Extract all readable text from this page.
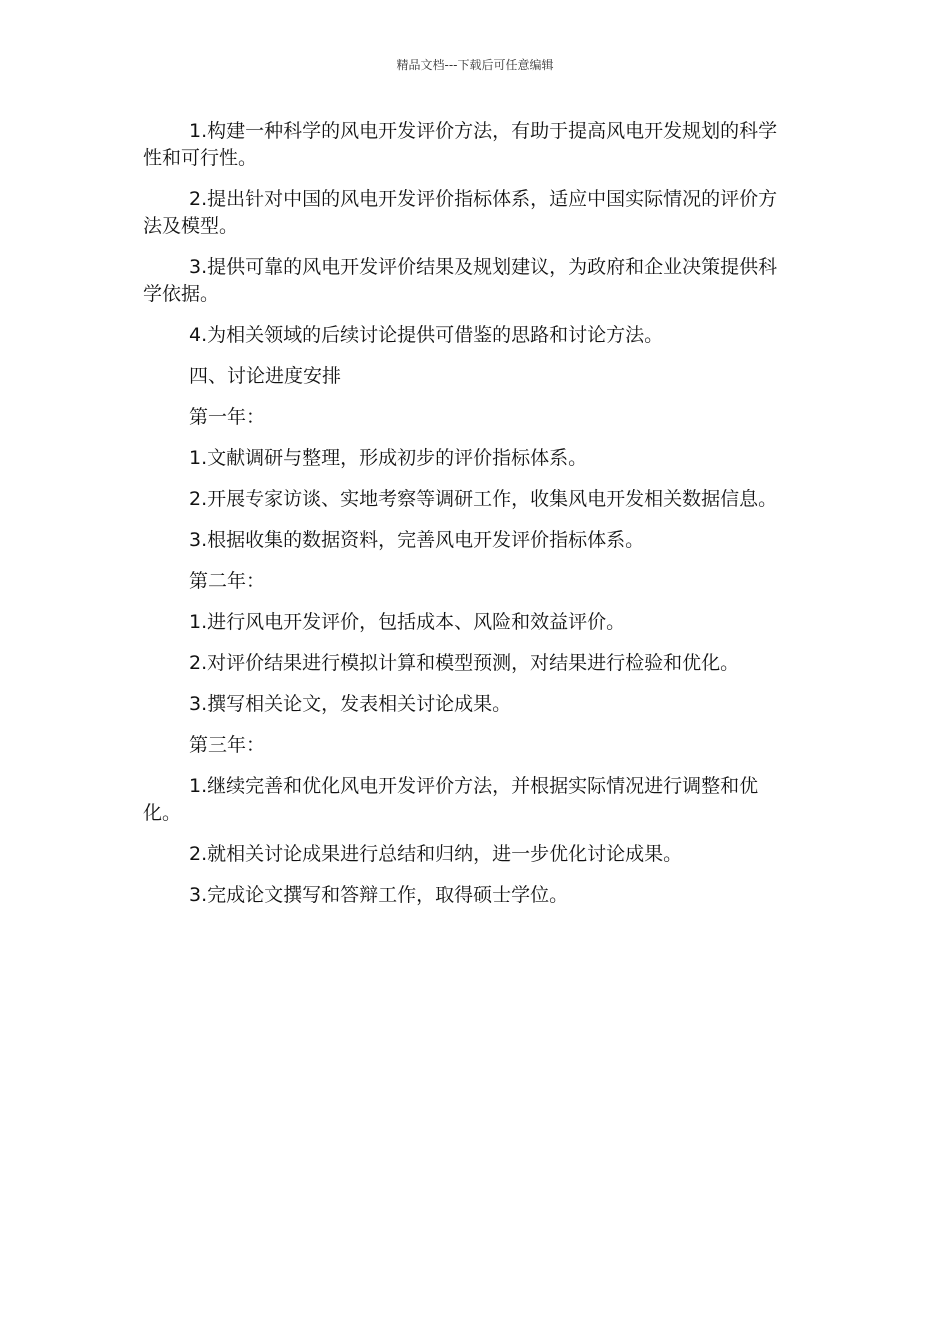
精品文档---下载后可任意编辑

1.构建一种科学的风电开发评价方法，有助于提高风电开发规划的科学性和可行性。

2.提出针对中国的风电开发评价指标体系，适应中国实际情况的评价方法及模型。

3.提供可靠的风电开发评价结果及规划建议，为政府和企业决策提供科学依据。

4.为相关领域的后续讨论提供可借鉴的思路和讨论方法。

四、讨论进度安排

第一年：

1.文献调研与整理，形成初步的评价指标体系。

2.开展专家访谈、实地考察等调研工作，收集风电开发相关数据信息。

3.根据收集的数据资料，完善风电开发评价指标体系。

第二年：

1.进行风电开发评价，包括成本、风险和效益评价。

2.对评价结果进行模拟计算和模型预测，对结果进行检验和优化。

3.撰写相关论文，发表相关讨论成果。

第三年：

1.继续完善和优化风电开发评价方法，并根据实际情况进行调整和优化。

2.就相关讨论成果进行总结和归纳，进一步优化讨论成果。

3.完成论文撰写和答辩工作，取得硕士学位。
